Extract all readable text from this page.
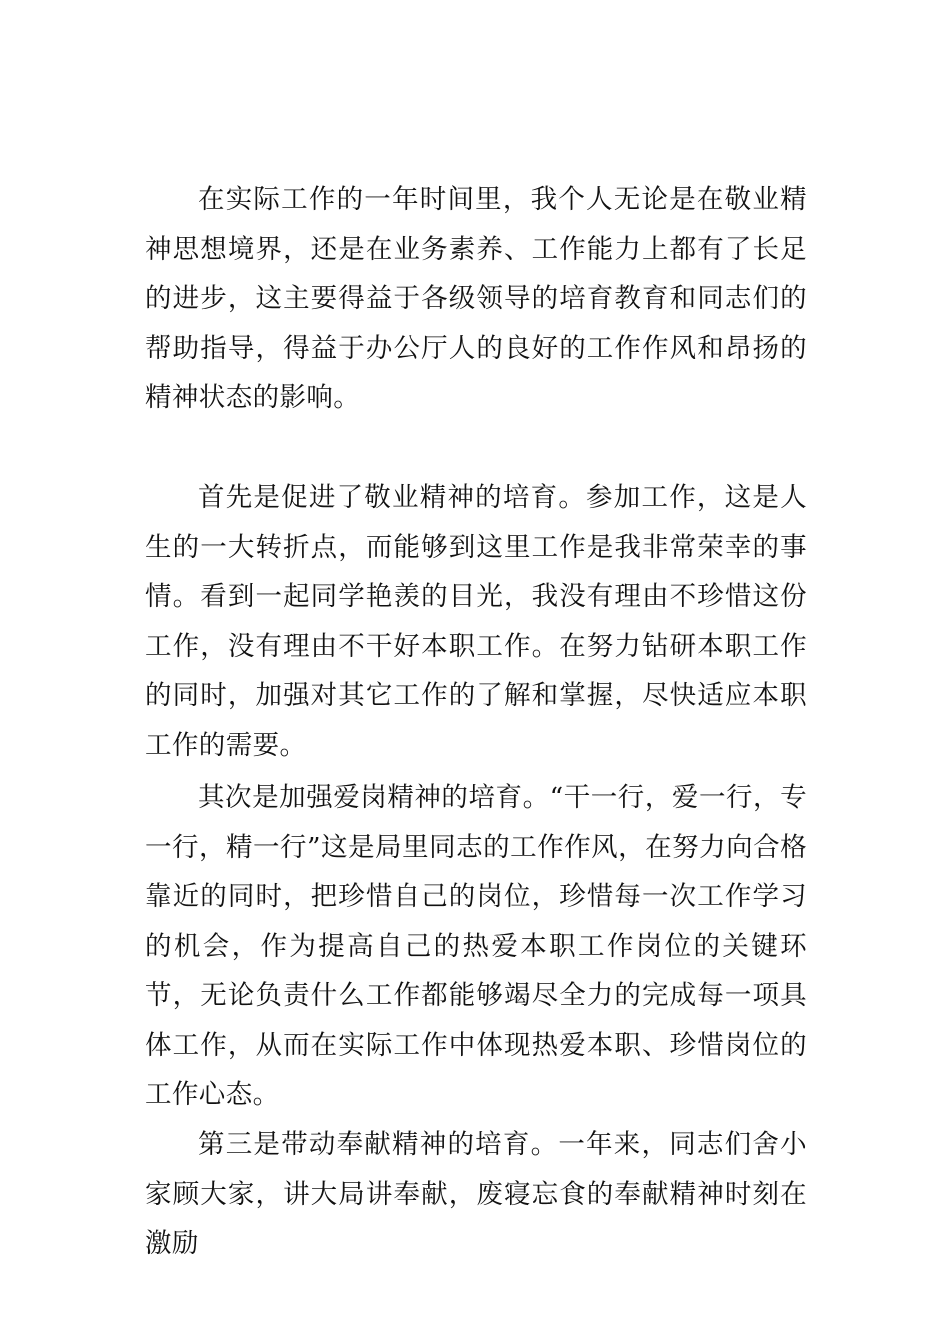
在实际工作的一年时间里，我个人无论是在敬业精神思想境界，还是在业务素养、工作能力上都有了长足的进步，这主要得益于各级领导的培育教育和同志们的帮助指导，得益于办公厅人的良好的工作作风和昂扬的精神状态的影响。

首先是促进了敬业精神的培育。参加工作，这是人生的一大转折点，而能够到这里工作是我非常荣幸的事情。看到一起同学艳羡的目光，我没有理由不珍惜这份工作，没有理由不干好本职工作。在努力钻研本职工作的同时，加强对其它工作的了解和掌握，尽快适应本职工作的需要。

其次是加强爱岗精神的培育。“干一行，爱一行，专一行，精一行”这是局里同志的工作作风，在努力向合格靠近的同时，把珍惜自己的岗位，珍惜每一次工作学习的机会，作为提高自己的热爱本职工作岗位的关键环节，无论负责什么工作都能够竭尽全力的完成每一项具体工作，从而在实际工作中体现热爱本职、珍惜岗位的工作心态。

第三是带动奉献精神的培育。一年来，同志们舍小家顾大家，讲大局讲奉献，废寝忘食的奉献精神时刻在激励
